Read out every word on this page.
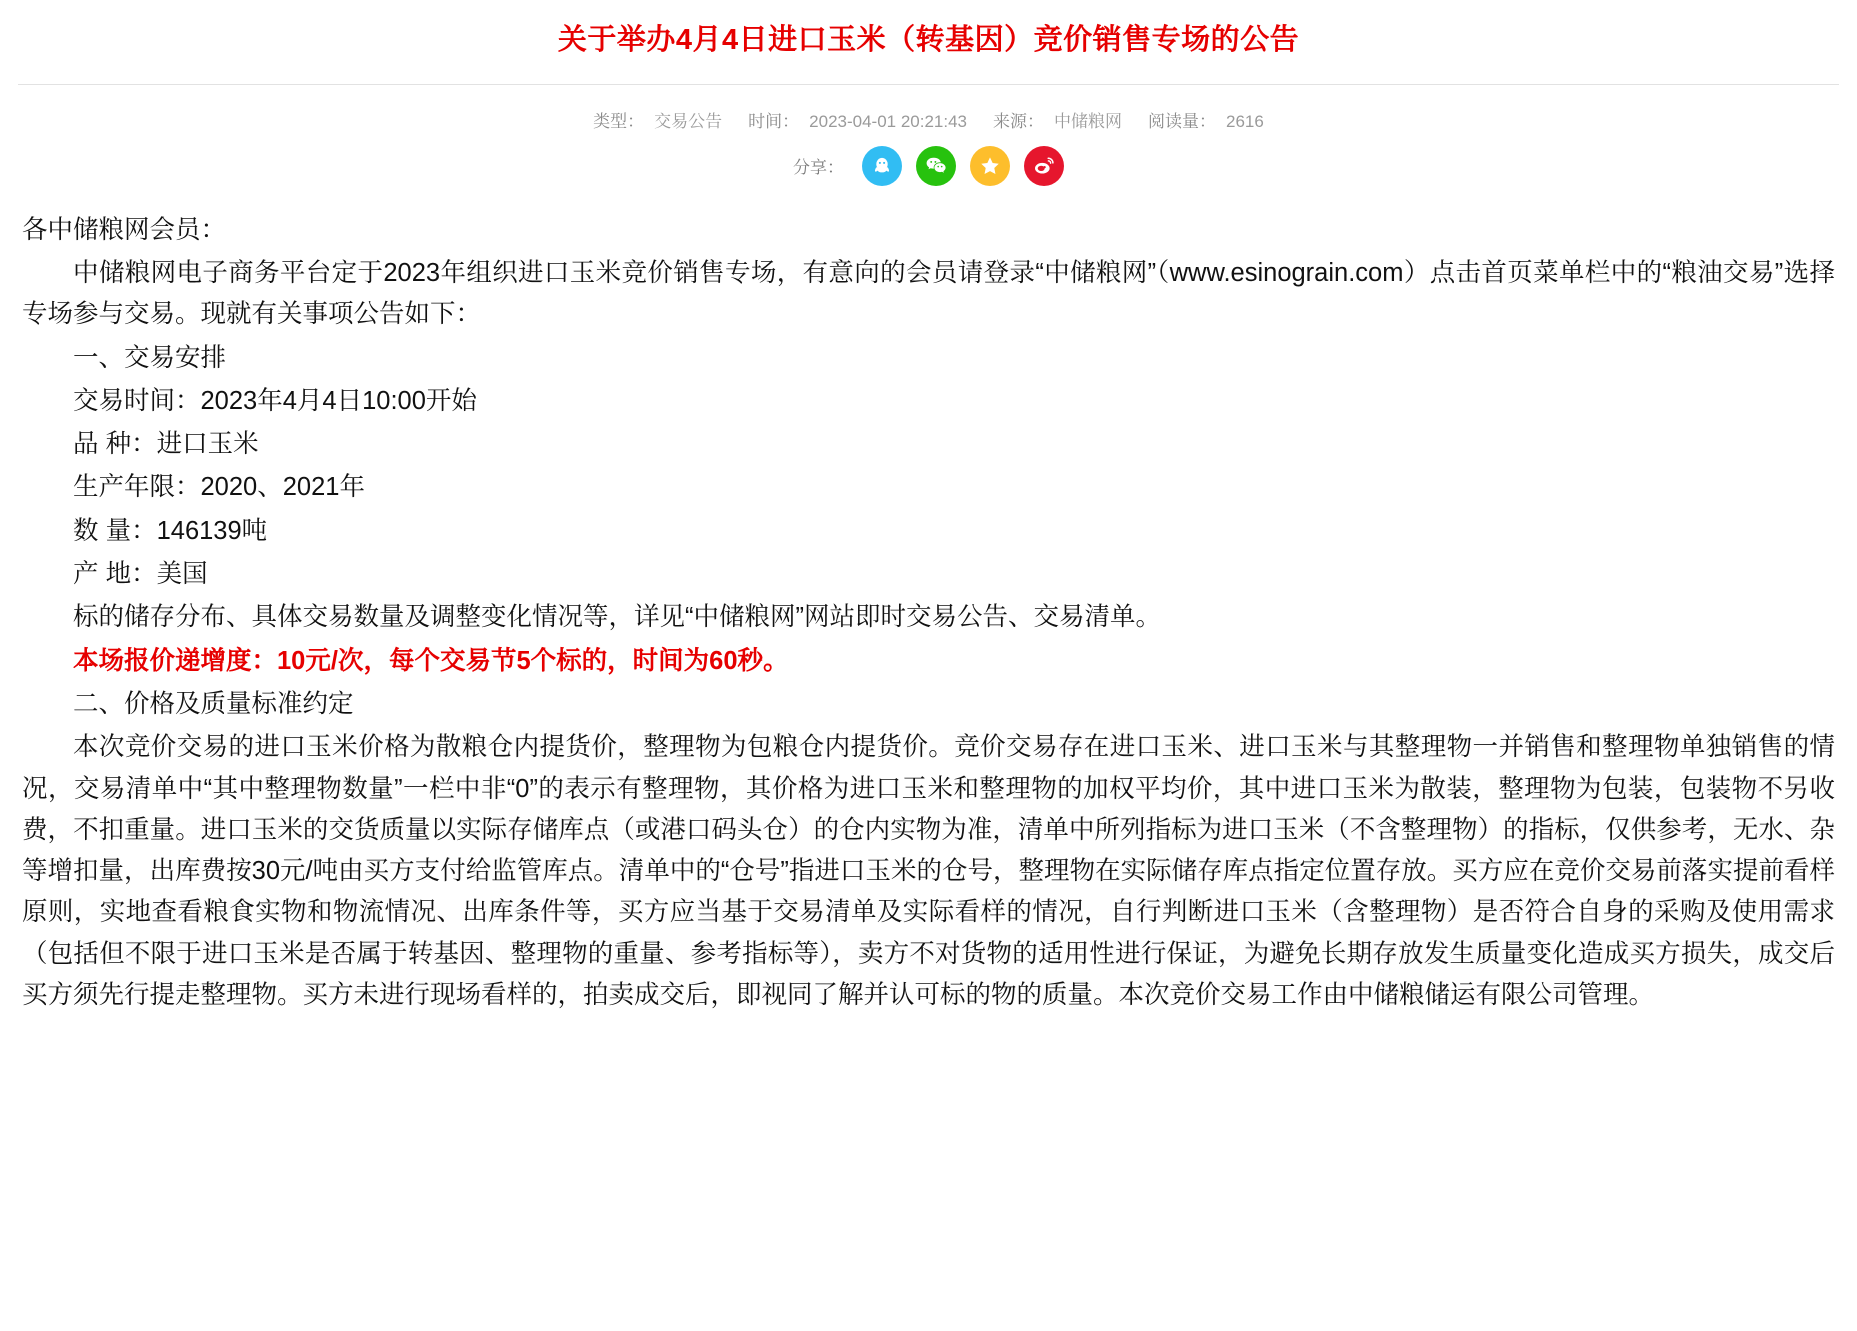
关于举办4月4日进口玉米（转基因）竞价销售专场的公告
类型： 交易公告 时间： 2023-04-01 20:21:43 来源： 中储粮网 阅读量： 2616
分享：

各中储粮网会员：

中储粮网电子商务平台定于2023年组织进口玉米竞价销售专场，有意向的会员请登录“中储粮网”（www.esinograin.com）点击首页菜单栏中的“粮油交易”选择专场参与交易。现就有关事项公告如下：

一、交易安排

交易时间：2023年4月4日10:00开始

品 种：进口玉米

生产年限：2020、2021年

数 量：146139吨

产 地：美国

标的储存分布、具体交易数量及调整变化情况等，详见“中储粮网”网站即时交易公告、交易清单。

本场报价递增度：10元/次，每个交易节5个标的，时间为60秒。

二、价格及质量标准约定

本次竞价交易的进口玉米价格为散粮仓内提货价，整理物为包粮仓内提货价。竞价交易存在进口玉米、进口玉米与其整理物一并销售和整理物单独销售的情况，交易清单中“其中整理物数量”一栏中非“0”的表示有整理物，其价格为进口玉米和整理物的加权平均价，其中进口玉米为散装，整理物为包装，包装物不另收费，不扣重量。进口玉米的交货质量以实际存储库点（或港口码头仓）的仓内实物为准，清单中所列指标为进口玉米（不含整理物）的指标，仅供参考，无水、杂等增扣量，出库费按30元/吨由买方支付给监管库点。清单中的“仓号”指进口玉米的仓号，整理物在实际储存库点指定位置存放。买方应在竞价交易前落实提前看样原则，实地查看粮食实物和物流情况、出库条件等，买方应当基于交易清单及实际看样的情况，自行判断进口玉米（含整理物）是否符合自身的采购及使用需求（包括但不限于进口玉米是否属于转基因、整理物的重量、参考指标等），卖方不对货物的适用性进行保证，为避免长期存放发生质量变化造成买方损失，成交后买方须先行提走整理物。买方未进行现场看样的，拍卖成交后，即视同了解并认可标的物的质量。本次竞价交易工作由中储粮储运有限公司管理。
